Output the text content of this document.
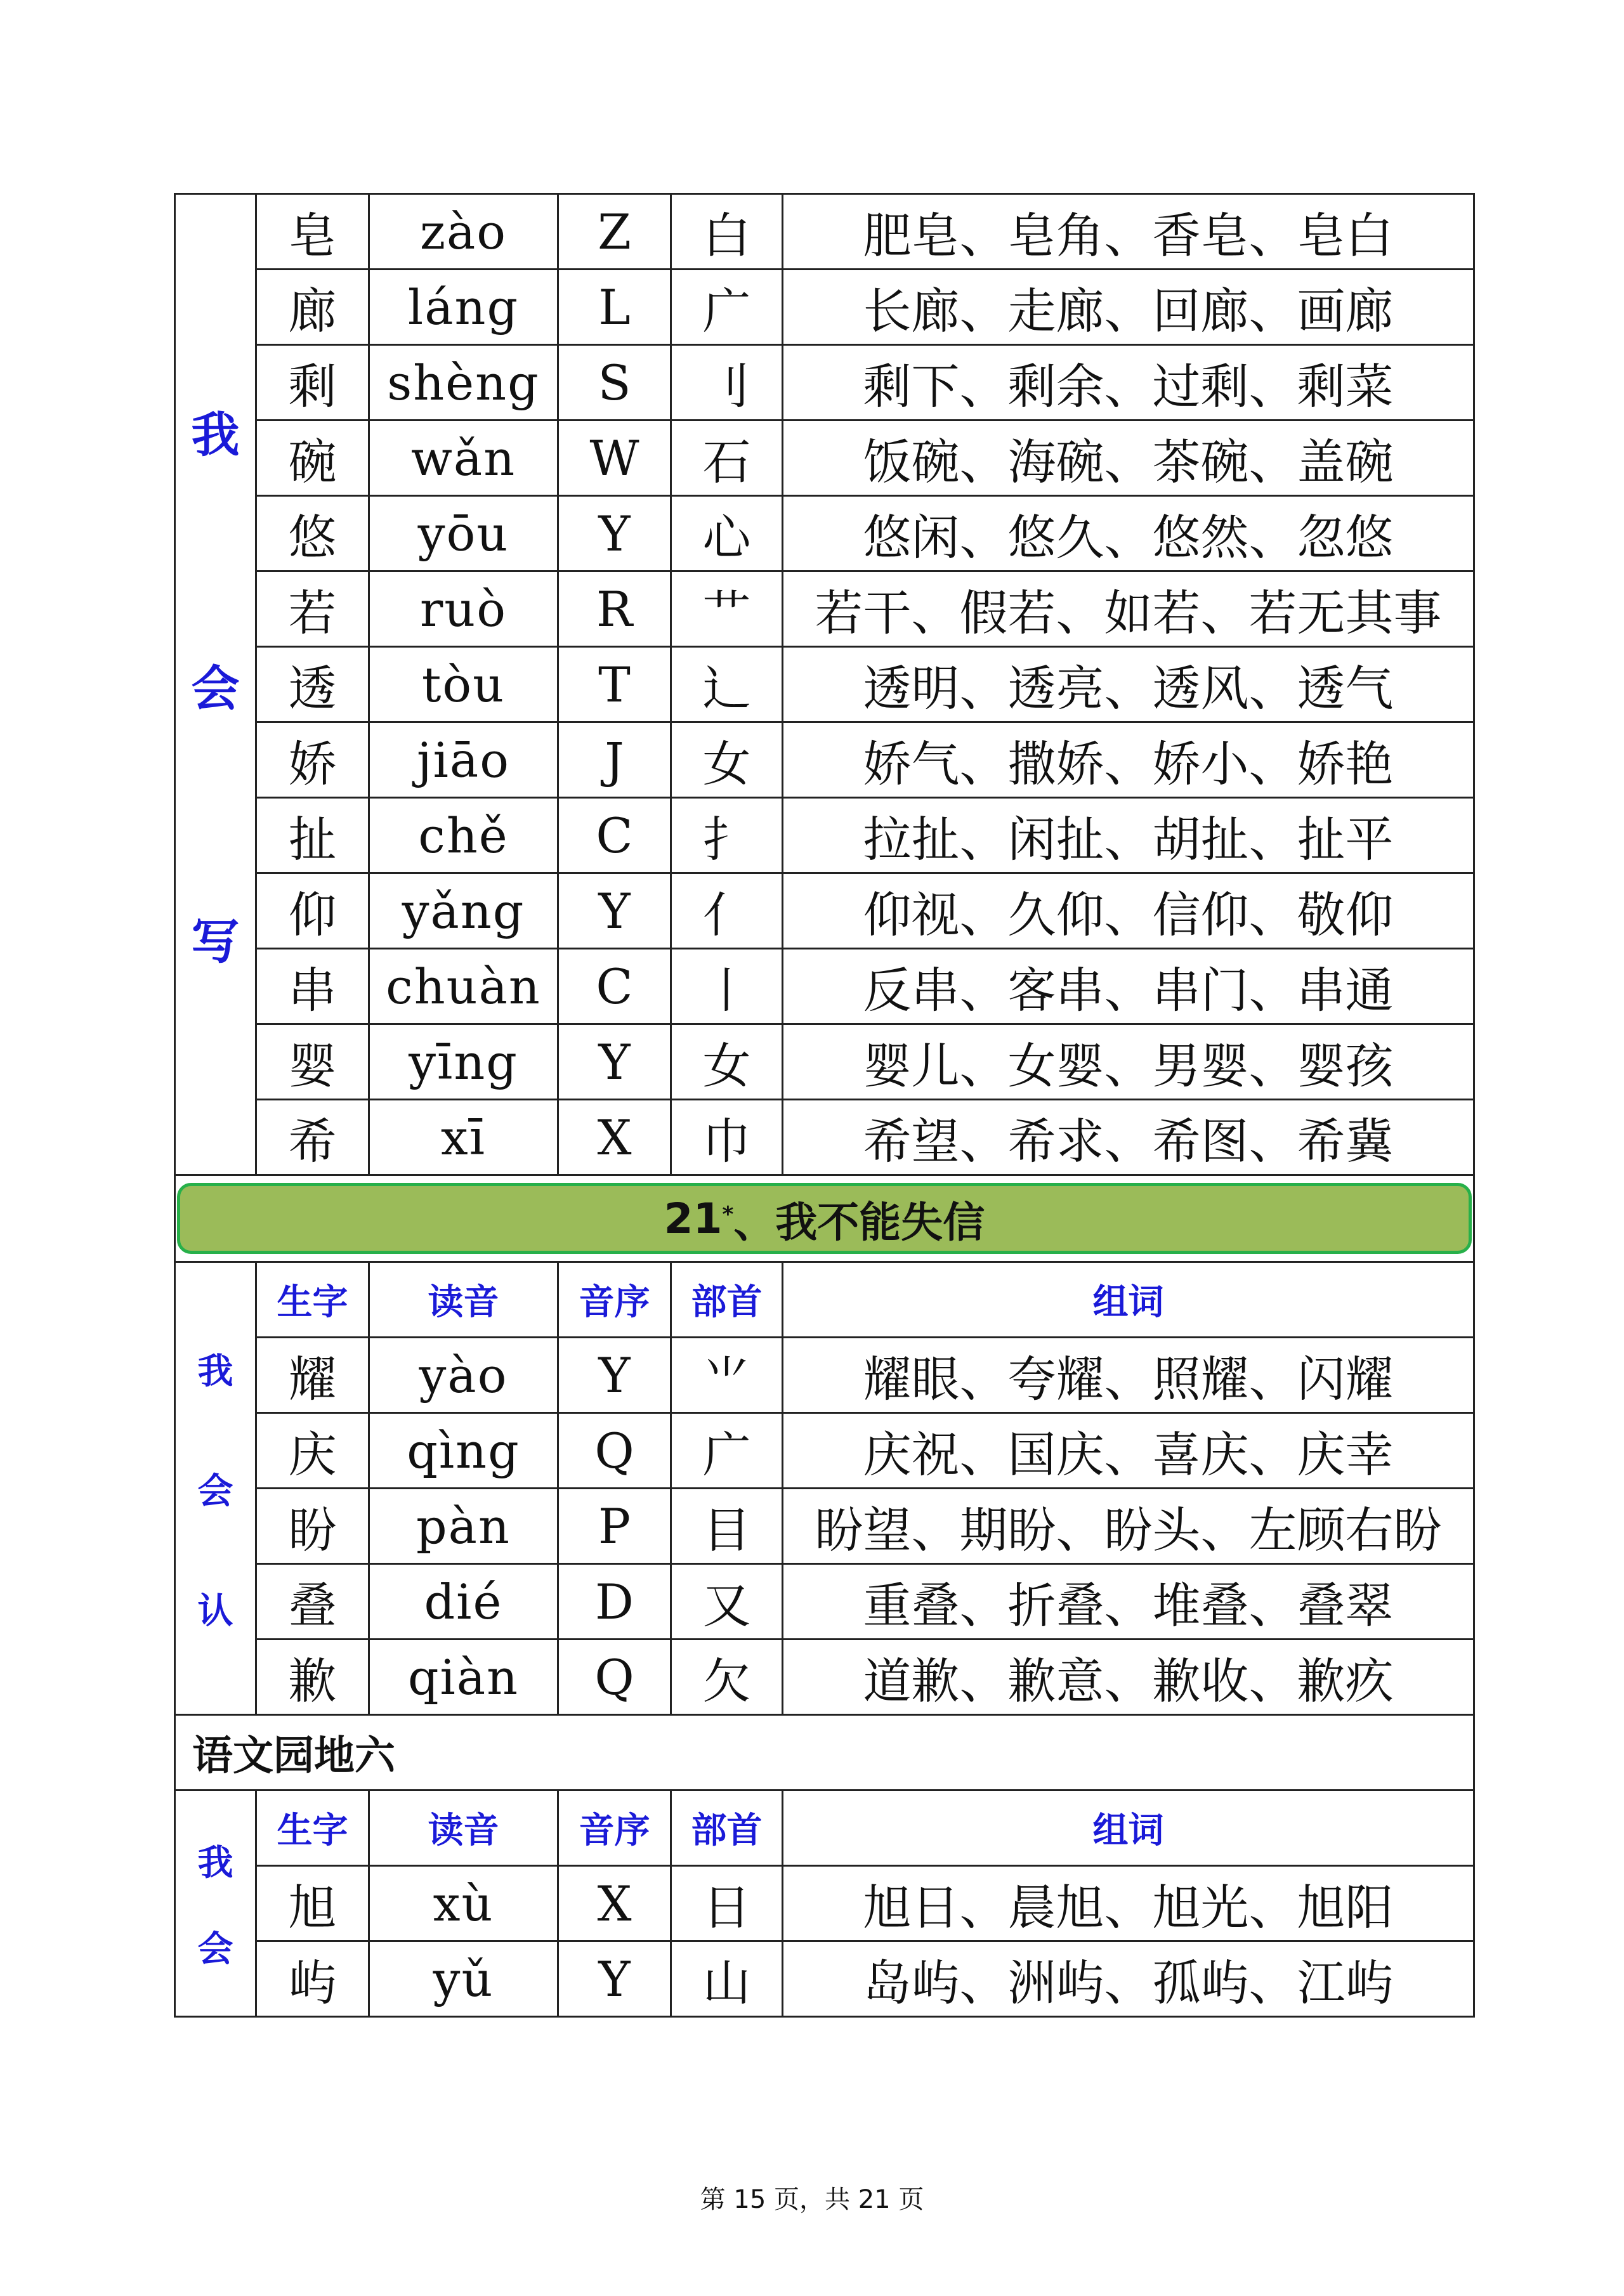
我
会
写	皂	zào	Z	白	肥皂、皂角、香皂、皂白
	廊	láng	L	广	长廊、走廊、回廊、画廊
	剩	shèng	S	刂	剩下、剩余、过剩、剩菜
	碗	wǎn	W	石	饭碗、海碗、茶碗、盖碗
	悠	yōu	Y	心	悠闲、悠久、悠然、忽悠
	若	ruò	R	艹	若干、假若、如若、若无其事
	透	tòu	T	辶	透明、透亮、透风、透气
	娇	jiāo	J	女	娇气、撒娇、娇小、娇艳
	扯	chě	C	扌	拉扯、闲扯、胡扯、扯平
	仰	yǎng	Y	亻	仰视、久仰、信仰、敬仰
	串	chuàn	C	丨	反串、客串、串门、串通
	婴	yīng	Y	女	婴儿、女婴、男婴、婴孩
	希	xī	X	巾	希望、希求、希图、希冀

21* 、我不能失信					

我
会
认	生字	读音	音序	部首	组词
	耀	yào	Y	⺌	耀眼、夸耀、照耀、闪耀
	庆	qìng	Q	广	庆祝、国庆、喜庆、庆幸
	盼	pàn	P	目	盼望、期盼、盼头、左顾右盼
	叠	dié	D	又	重叠、折叠、堆叠、叠翠
	歉	qiàn	Q	欠	道歉、歉意、歉收、歉疚
语文园地六					

我
会	生字	读音	音序	部首	组词
	旭	xù	X	日	旭日、晨旭、旭光、旭阳
	屿	yǔ	Y	山	岛屿、洲屿、孤屿、江屿
第 15 页，共 21 页
